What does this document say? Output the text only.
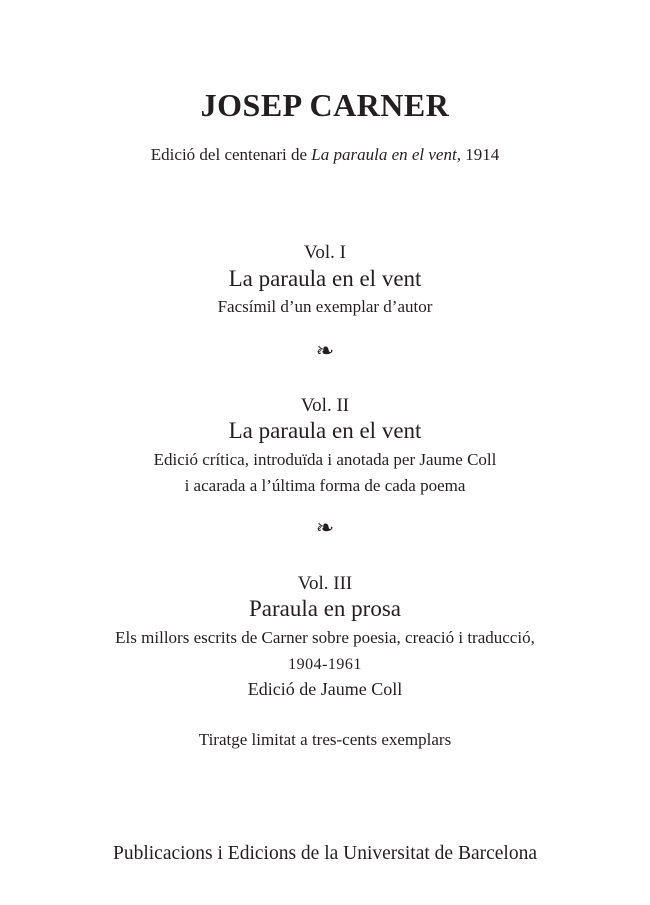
JOSEP CARNER
Edició del centenari de La paraula en el vent, 1914
Vol. I
La paraula en el vent
Facsímil d’un exemplar d’autor
❧
Vol. II
La paraula en el vent
Edició crítica, introduïda i anotada per Jaume Coll
i acarada a l’última forma de cada poema
❧
Vol. III
Paraula en prosa
Els millors escrits de Carner sobre poesia, creació i traducció,
1904-1961
Edició de Jaume Coll
Tiratge limitat a tres-cents exemplars
Publicacions i Edicions de la Universitat de Barcelona
